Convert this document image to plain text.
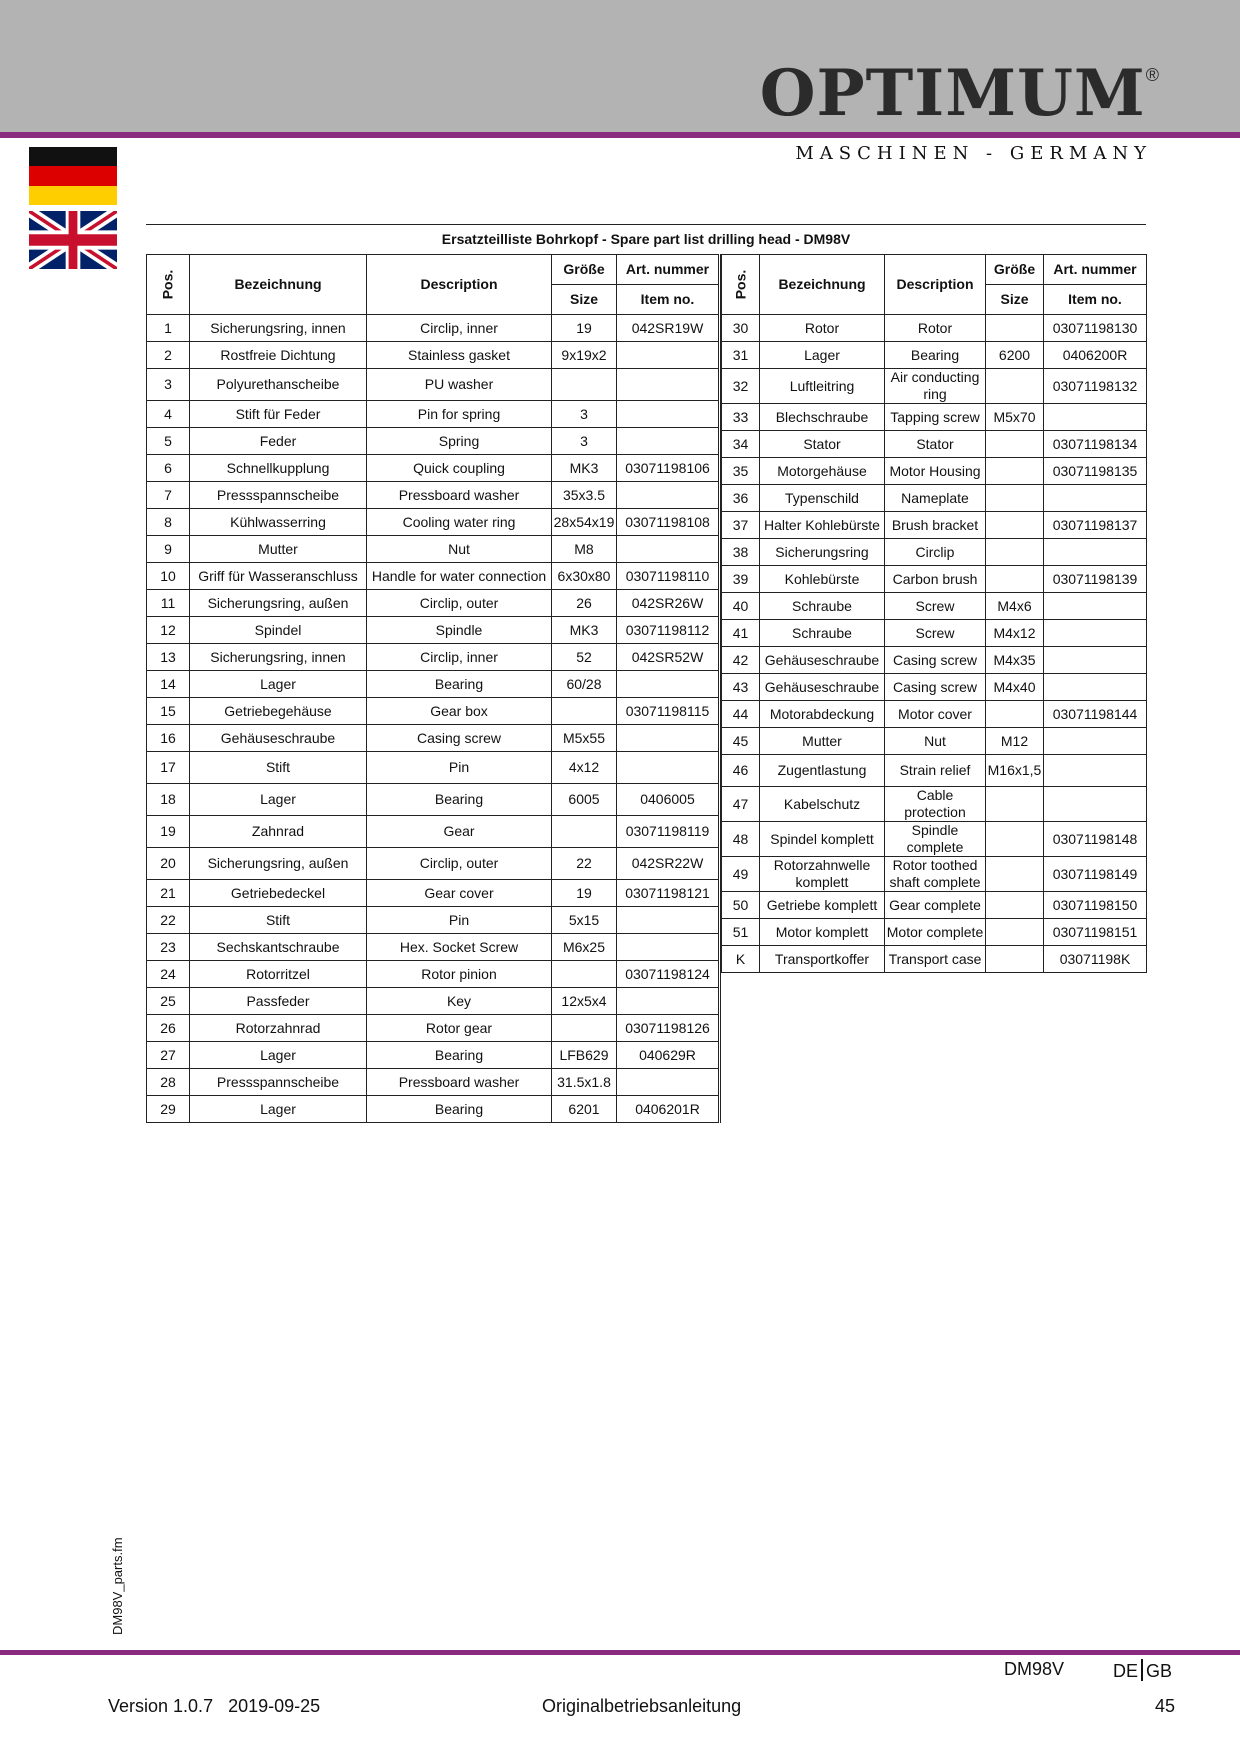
OPTIMUM®
MASCHINEN - GERMANY
Ersatzteilliste Bohrkopf - Spare part list drilling head - DM98V
Pos.	Bezeichnung	Description	Größe	Art. nummer
			Size	Item no.
1	Sicherungsring, innen	Circlip, inner	19	042SR19W
2	Rostfreie Dichtung	Stainless gasket	9x19x2	
3	Polyurethanscheibe	PU washer		
4	Stift für Feder	Pin for spring	3	
5	Feder	Spring	3	
6	Schnellkupplung	Quick coupling	MK3	03071198106
7	Pressspannscheibe	Pressboard washer	35x3.5	
8	Kühlwasserring	Cooling water ring	28x54x19	03071198108
9	Mutter	Nut	M8	
10	Griff für Wasseranschluss	Handle for water connection	6x30x80	03071198110
11	Sicherungsring, außen	Circlip, outer	26	042SR26W
12	Spindel	Spindle	MK3	03071198112
13	Sicherungsring, innen	Circlip, inner	52	042SR52W
14	Lager	Bearing	60/28	
15	Getriebegehäuse	Gear box		03071198115
16	Gehäuseschraube	Casing screw	M5x55	
17	Stift	Pin	4x12	
18	Lager	Bearing	6005	0406005
19	Zahnrad	Gear		03071198119
20	Sicherungsring, außen	Circlip, outer	22	042SR22W
21	Getriebedeckel	Gear cover	19	03071198121
22	Stift	Pin	5x15	
23	Sechskantschraube	Hex. Socket Screw	M6x25	
24	Rotorritzel	Rotor pinion		03071198124
25	Passfeder	Key	12x5x4	
26	Rotorzahnrad	Rotor gear		03071198126
27	Lager	Bearing	LFB629	040629R
28	Pressspannscheibe	Pressboard washer	31.5x1.8	
29	Lager	Bearing	6201	0406201R
Pos.	Bezeichnung	Description	Größe	Art. nummer
			Size	Item no.
30	Rotor	Rotor		03071198130
31	Lager	Bearing	6200	0406200R
32	Luftleitring	Air conducting ring		03071198132
33	Blechschraube	Tapping screw	M5x70	
34	Stator	Stator		03071198134
35	Motorgehäuse	Motor Housing		03071198135
36	Typenschild	Nameplate		
37	Halter Kohlebürste	Brush bracket		03071198137
38	Sicherungsring	Circlip		
39	Kohlebürste	Carbon brush		03071198139
40	Schraube	Screw	M4x6	
41	Schraube	Screw	M4x12	
42	Gehäuseschraube	Casing screw	M4x35	
43	Gehäuseschraube	Casing screw	M4x40	
44	Motorabdeckung	Motor cover		03071198144
45	Mutter	Nut	M12	
46	Zugentlastung	Strain relief	M16x1,5	
47	Kabelschutz	Cable protection		
48	Spindel komplett	Spindle complete		03071198148
49	Rotorzahnwelle komplett	Rotor toothed shaft complete		03071198149
50	Getriebe komplett	Gear complete		03071198150
51	Motor komplett	Motor complete		03071198151
K	Transportkoffer	Transport case		03071198K
DM98V_parts.fm
DM98V	DE GB
Version 1.0.7   2019-09-25	Originalbetriebsanleitung	45
